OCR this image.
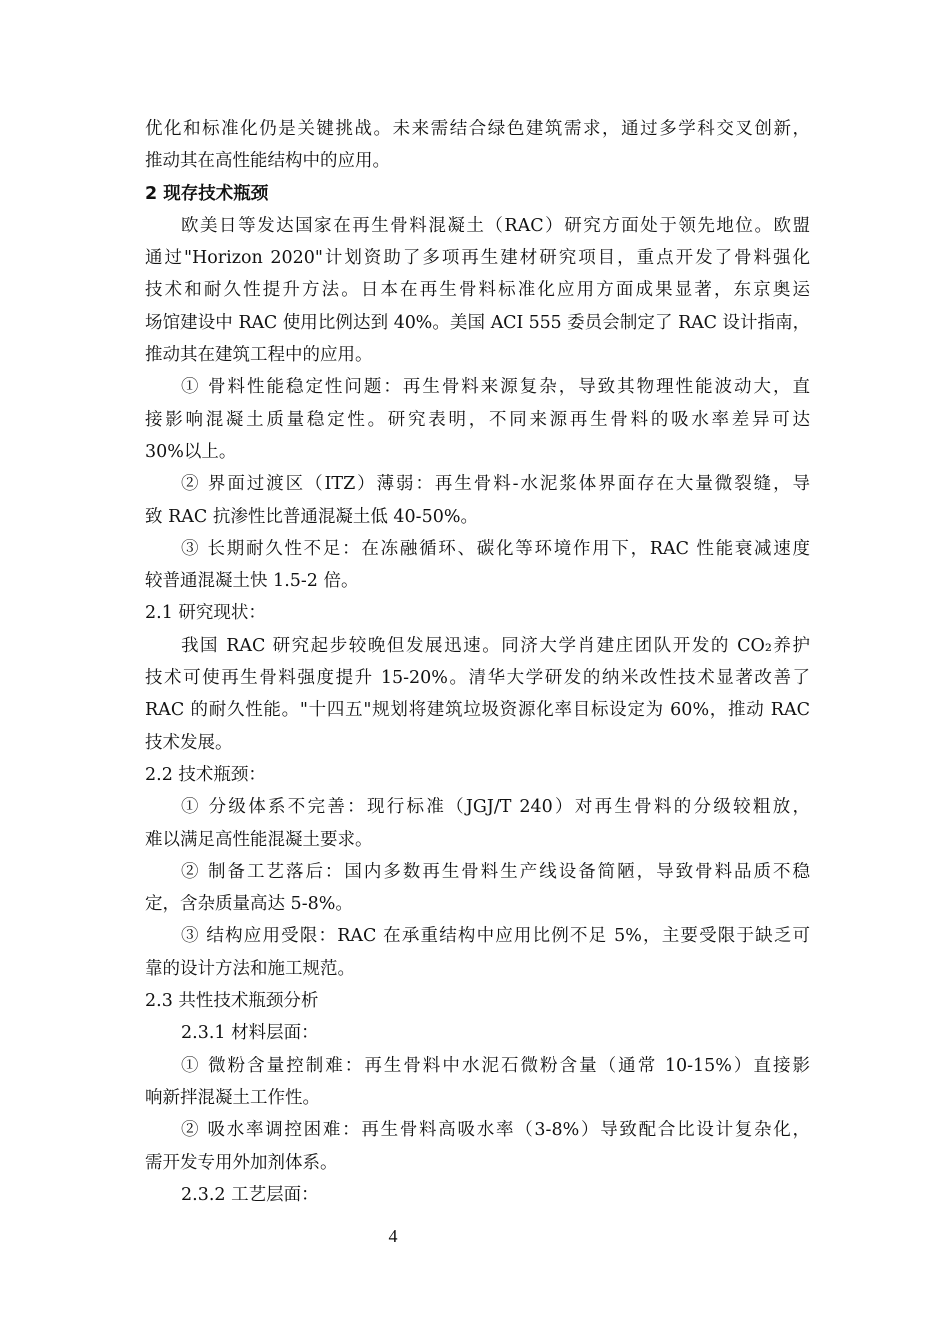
优化和标准化仍是关键挑战。未来需结合绿色建筑需求，通过多学科交叉创新，
推动其在高性能结构中的应用。
2 现存技术瓶颈
欧美日等发达国家在再生骨料混凝土（RAC）研究方面处于领先地位。欧盟
通过"Horizon 2020"计划资助了多项再生建材研究项目，重点开发了骨料强化
技术和耐久性提升方法。日本在再生骨料标准化应用方面成果显著，东京奥运
场馆建设中 RAC 使用比例达到 40%。美国 ACI 555 委员会制定了 RAC 设计指南，
推动其在建筑工程中的应用。
① 骨料性能稳定性问题：再生骨料来源复杂，导致其物理性能波动大，直
接影响混凝土质量稳定性。研究表明，不同来源再生骨料的吸水率差异可达
30%以上。
② 界面过渡区（ITZ）薄弱：再生骨料-水泥浆体界面存在大量微裂缝，导
致 RAC 抗渗性比普通混凝土低 40-50%。
③ 长期耐久性不足：在冻融循环、碳化等环境作用下，RAC 性能衰减速度
较普通混凝土快 1.5-2 倍。
2.1 研究现状：
我国 RAC 研究起步较晚但发展迅速。同济大学肖建庄团队开发的 CO₂养护
技术可使再生骨料强度提升 15-20%。清华大学研发的纳米改性技术显著改善了
RAC 的耐久性能。"十四五"规划将建筑垃圾资源化率目标设定为 60%，推动 RAC
技术发展。
2.2 技术瓶颈：
① 分级体系不完善：现行标准（JGJ/T 240）对再生骨料的分级较粗放，
难以满足高性能混凝土要求。
② 制备工艺落后：国内多数再生骨料生产线设备简陋，导致骨料品质不稳
定，含杂质量高达 5-8%。
③ 结构应用受限：RAC 在承重结构中应用比例不足 5%，主要受限于缺乏可
靠的设计方法和施工规范。
2.3 共性技术瓶颈分析
2.3.1 材料层面：
① 微粉含量控制难：再生骨料中水泥石微粉含量（通常 10-15%）直接影
响新拌混凝土工作性。
② 吸水率调控困难：再生骨料高吸水率（3-8%）导致配合比设计复杂化，
需开发专用外加剂体系。
2.3.2 工艺层面：
4
